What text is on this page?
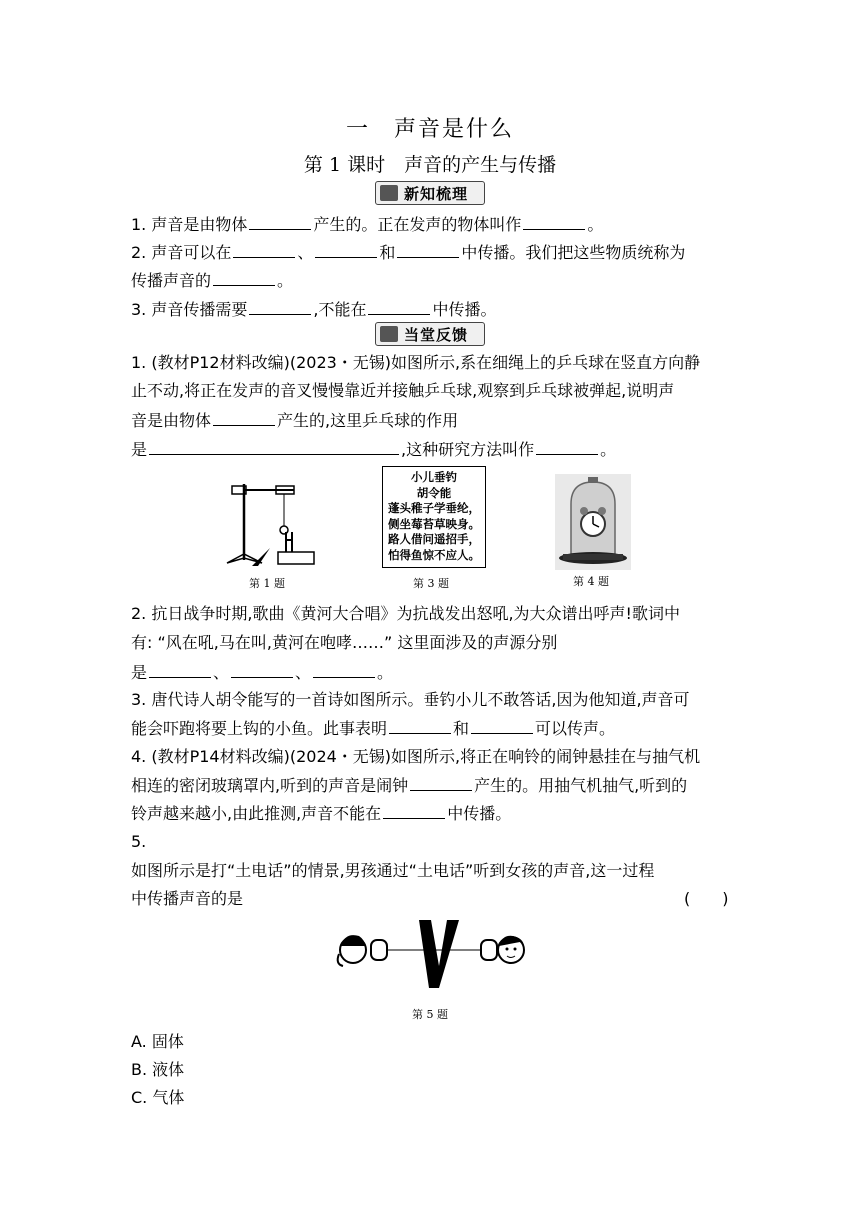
一　声音是什么
第 1 课时　声音的产生与传播
新知梳理
1. 声音是由物体	产生的。正在发声的物体叫作	。
2. 声音可以在	、	和	中传播。我们把这些物质统称为
传播声音的	。
3. 声音传播需要	,不能在	中传播。
当堂反馈
1. (教材P12材料改编)(2023・无锡)如图所示,系在细绳上的乒乓球在竖直方向静
止不动,将正在发声的音叉慢慢靠近并接触乒乓球,观察到乒乓球被弹起,说明声
音是由物体	产生的,这里乒乓球的作用
是	,这种研究方法叫作	。
第 1 题
小儿垂钓
胡令能
蓬头稚子学垂纶，
侧坐莓苔草映身。
路人借问遥招手，
怕得鱼惊不应人。
第 3 题	第 4 题
2. 抗日战争时期,歌曲《黄河大合唱》为抗战发出怒吼,为大众谱出呼声!歌词中
有: “风在吼,马在叫,黄河在咆哮……” 这里面涉及的声源分别
是	、	、	。
3. 唐代诗人胡令能写的一首诗如图所示。垂钓小儿不敢答话,因为他知道,声音可
能会吓跑将要上钩的小鱼。此事表明	和	可以传声。
4. (教材P14材料改编)(2024・无锡)如图所示,将正在响铃的闹钟悬挂在与抽气机
相连的密闭玻璃罩内,听到的声音是闹钟	产生的。用抽气机抽气,听到的
铃声越来越小,由此推测,声音不能在	中传播。
5.
如图所示是打“土电话”的情景,男孩通过“土电话”听到女孩的声音,这一过程
中传播声音的是	(　　)
第 5 题
A. 固体
B. 液体
C. 气体
